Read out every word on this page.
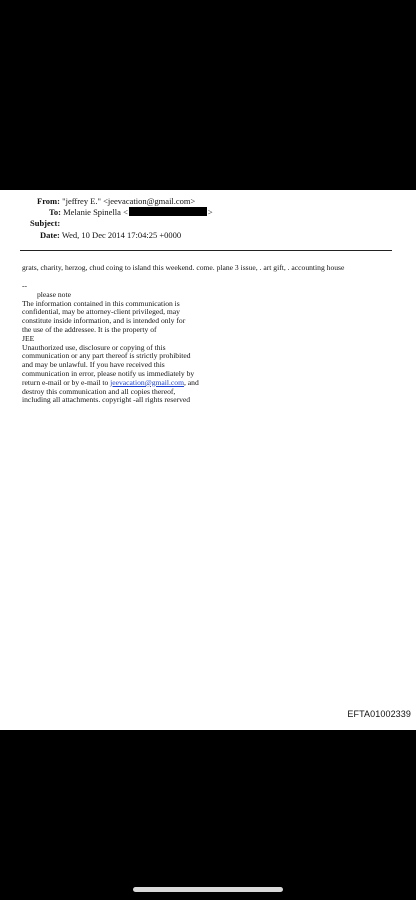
From: "jeffrey E." <jeevacation@gmail.com>
To: Melanie Spinella <	>
Subject:
Date: Wed, 10 Dec 2014 17:04:25 +0000
grats, charity, herzog, chud coing to island this weekend. come. plane 3 issue, . art gift, . accounting house
--
please note
The information contained in this communication is
confidential, may be attorney-client privileged, may
constitute inside information, and is intended only for
the use of the addressee. It is the property of
JEE
Unauthorized use, disclosure or copying of this
communication or any part thereof is strictly prohibited
and may be unlawful. If you have received this
communication in error, please notify us immediately by
return e-mail or by e-mail to jeevacation@gmail.com, and
destroy this communication and all copies thereof,
including all attachments. copyright -all rights reserved
EFTA01002339
